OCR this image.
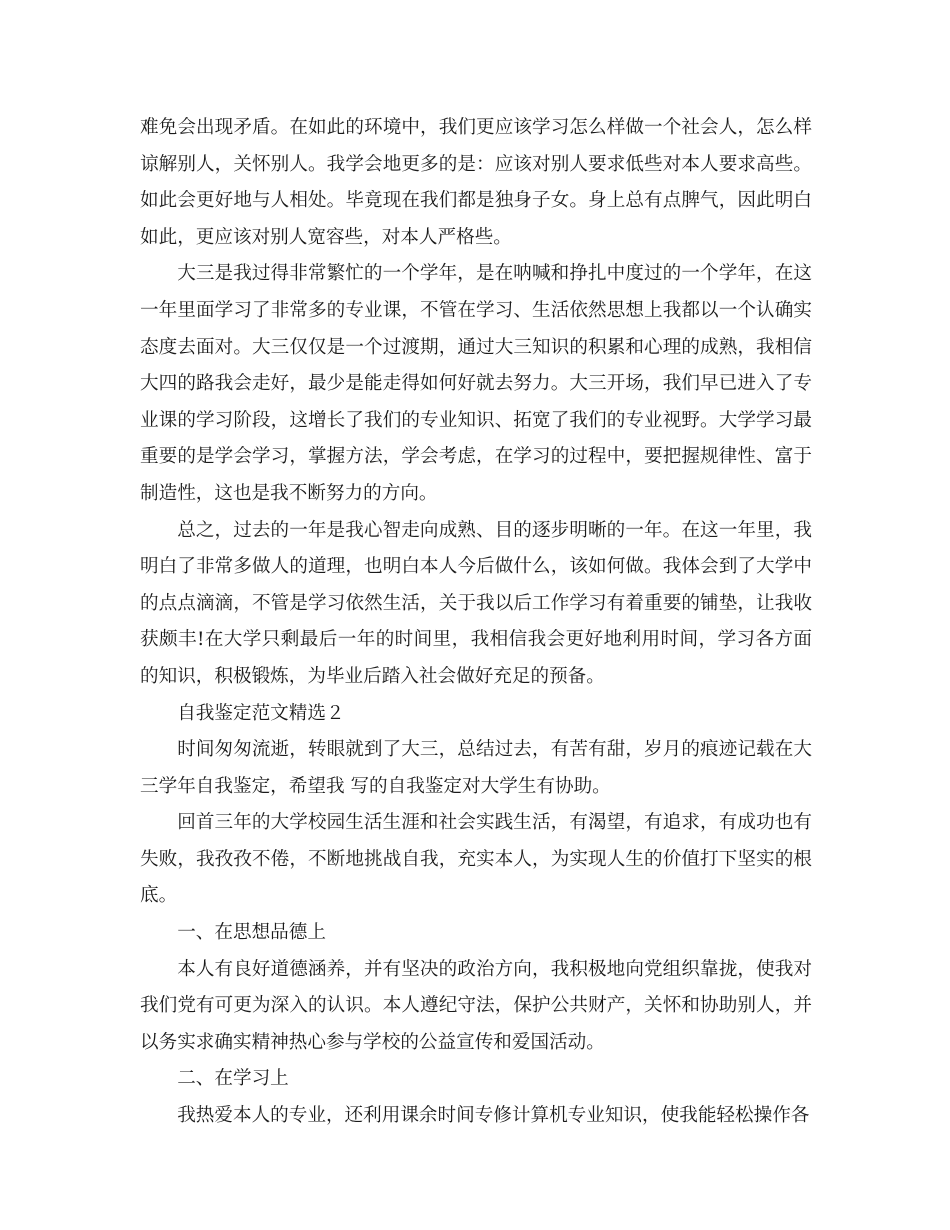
难免会出现矛盾。在如此的环境中，我们更应该学习怎么样做一个社会人，怎么样谅解别人，关怀别人。我学会地更多的是：应该对别人要求低些对本人要求高些。如此会更好地与人相处。毕竟现在我们都是独身子女。身上总有点脾气，因此明白如此，更应该对别人宽容些，对本人严格些。

大三是我过得非常繁忙的一个学年，是在呐喊和挣扎中度过的一个学年，在这一年里面学习了非常多的专业课，不管在学习、生活依然思想上我都以一个认确实态度去面对。大三仅仅是一个过渡期，通过大三知识的积累和心理的成熟，我相信大四的路我会走好，最少是能走得如何好就去努力。大三开场，我们早已进入了专业课的学习阶段，这增长了我们的专业知识、拓宽了我们的专业视野。大学学习最重要的是学会学习，掌握方法，学会考虑，在学习的过程中，要把握规律性、富于制造性，这也是我不断努力的方向。

总之，过去的一年是我心智走向成熟、目的逐步明晰的一年。在这一年里，我明白了非常多做人的道理，也明白本人今后做什么，该如何做。我体会到了大学中的点点滴滴，不管是学习依然生活，关于我以后工作学习有着重要的铺垫，让我收获颇丰!在大学只剩最后一年的时间里，我相信我会更好地利用时间，学习各方面的知识，积极锻炼，为毕业后踏入社会做好充足的预备。

自我鉴定范文精选２

时间匆匆流逝，转眼就到了大三，总结过去，有苦有甜，岁月的痕迹记载在大三学年自我鉴定，希望我 写的自我鉴定对大学生有协助。

回首三年的大学校园生活生涯和社会实践生活，有渴望，有追求，有成功也有失败，我孜孜不倦，不断地挑战自我，充实本人，为实现人生的价值打下坚实的根底。

一、在思想品德上

本人有良好道德涵养，并有坚决的政治方向，我积极地向党组织靠拢，使我对我们党有可更为深入的认识。本人遵纪守法，保护公共财产，关怀和协助别人，并以务实求确实精神热心参与学校的公益宣传和爱国活动。

二、在学习上

我热爱本人的专业，还利用课余时间专修计算机专业知识，使我能轻松操作各
